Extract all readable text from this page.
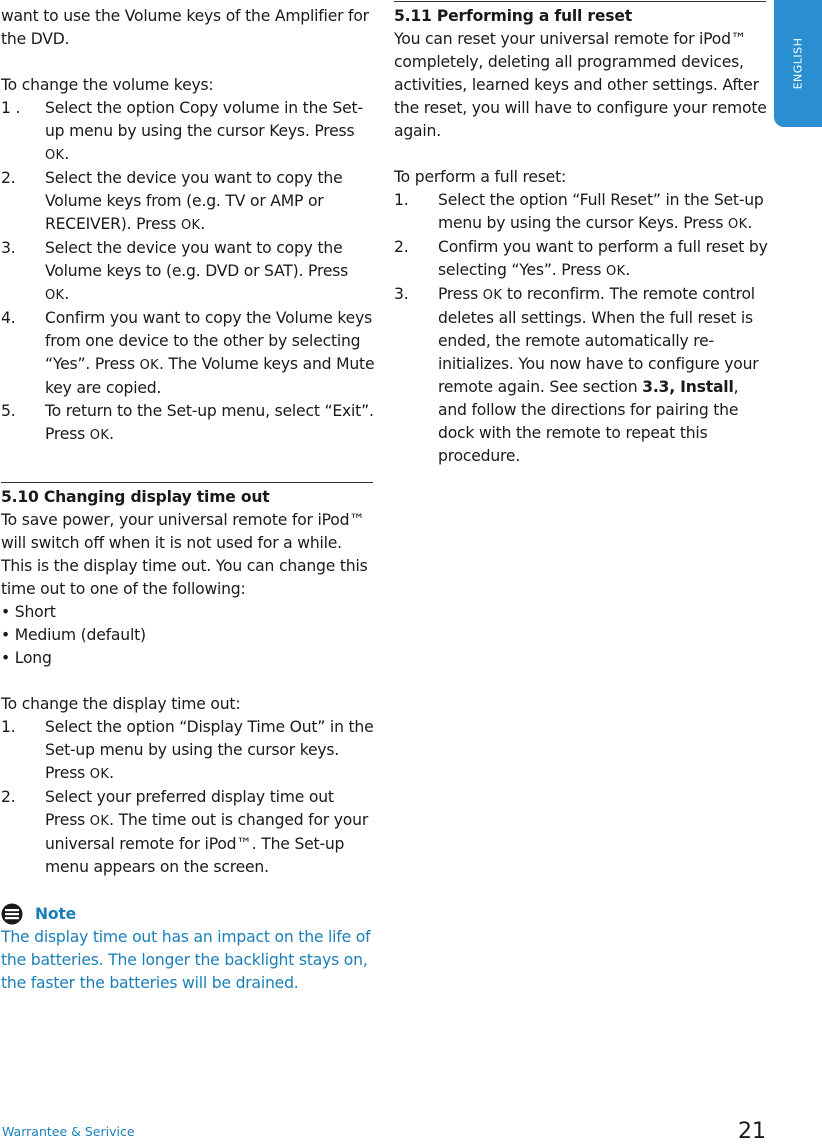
want to use the Volume keys of the Amplifier for the DVD.

To change the volume keys:

1 .	Select the option Copy volume in the Set-up menu by using the cursor Keys. Press OK.
2.	Select the device you want to copy the Volume keys from (e.g. TV or AMP or RECEIVER). Press OK.
3.	Select the device you want to copy the Volume keys to (e.g. DVD or SAT). Press OK.
4.	Confirm you want to copy the Volume keys from one device to the other by selecting “Yes”. Press OK. The Volume keys and Mute key are copied.
5.	To return to the Set-up menu, select “Exit”. Press OK.
5.10 Changing display time out

To save power, your universal remote for iPod™ will switch off when it is not used for a while. This is the display time out. You can change this time out to one of the following:

• Short
• Medium (default)
• Long

To change the display time out:

1.	Select the option “Display Time Out” in the Set-up menu by using the cursor keys. Press OK.
2.	Select your preferred display time out Press OK. The time out is changed for your universal remote for iPod™. The Set-up menu appears on the screen.
Note

The display time out has an impact on the life of the batteries. The longer the backlight stays on, the faster the batteries will be drained.

5.11 Performing a full reset

You can reset your universal remote for iPod™ completely, deleting all programmed devices, activities, learned keys and other settings. After the reset, you will have to configure your remote again.

To perform a full reset:

1.	Select the option “Full Reset” in the Set-up menu by using the cursor Keys. Press OK.
2.	Confirm you want to perform a full reset by selecting “Yes”. Press OK.
3.	Press OK to reconfirm. The remote control deletes all settings. When the full reset is ended, the remote automatically re-initializes. You now have to configure your remote again. See section 3.3, Install, and follow the directions for pairing the dock with the remote to repeat this procedure.
ENGLISH
Warrantee & Serivice	21
